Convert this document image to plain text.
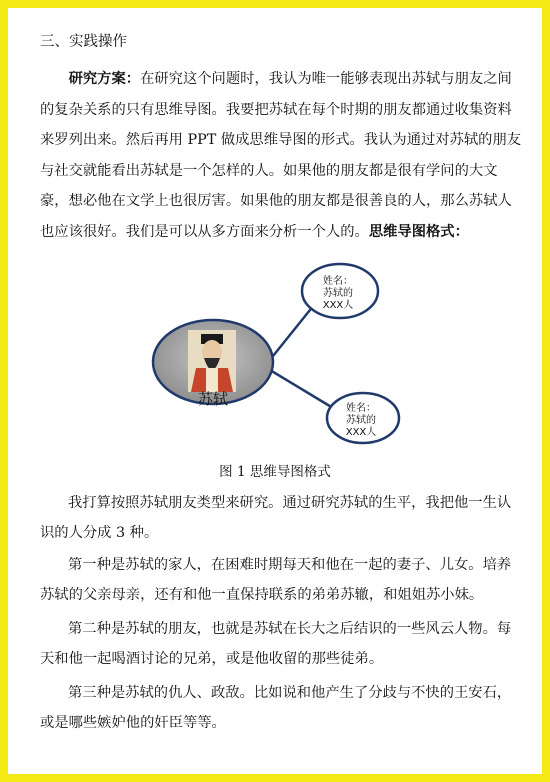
三、实践操作
  研究方案：在研究这个问题时，我认为唯一能够表现出苏轼与朋友之间的复杂关系的只有思维导图。我要把苏轼在每个时期的朋友都通过收集资料来罗列出来。然后再用 PPT 做成思维导图的形式。我认为通过对苏轼的朋友与社交就能看出苏轼是一个怎样的人。如果他的朋友都是很有学问的大文豪，想必他在文学上也很厉害。如果他的朋友都是很善良的人，那么苏轼人也应该很好。我们是可以从多方面来分析一个人的。思维导图格式：
苏轼
姓名：
苏轼的
XXX人
姓名：
苏轼的
XXX人
图 1 思维导图格式
我打算按照苏轼朋友类型来研究。通过研究苏轼的生平，我把他一生认识的人分成 3 种。
第一种是苏轼的家人，在困难时期每天和他在一起的妻子、儿女。培养苏轼的父亲母亲，还有和他一直保持联系的弟弟苏辙，和姐姐苏小妹。
第二种是苏轼的朋友，也就是苏轼在长大之后结识的一些风云人物。每天和他一起喝酒讨论的兄弟，或是他收留的那些徒弟。
第三种是苏轼的仇人、政敌。比如说和他产生了分歧与不快的王安石，或是哪些嫉妒他的奸臣等等。
